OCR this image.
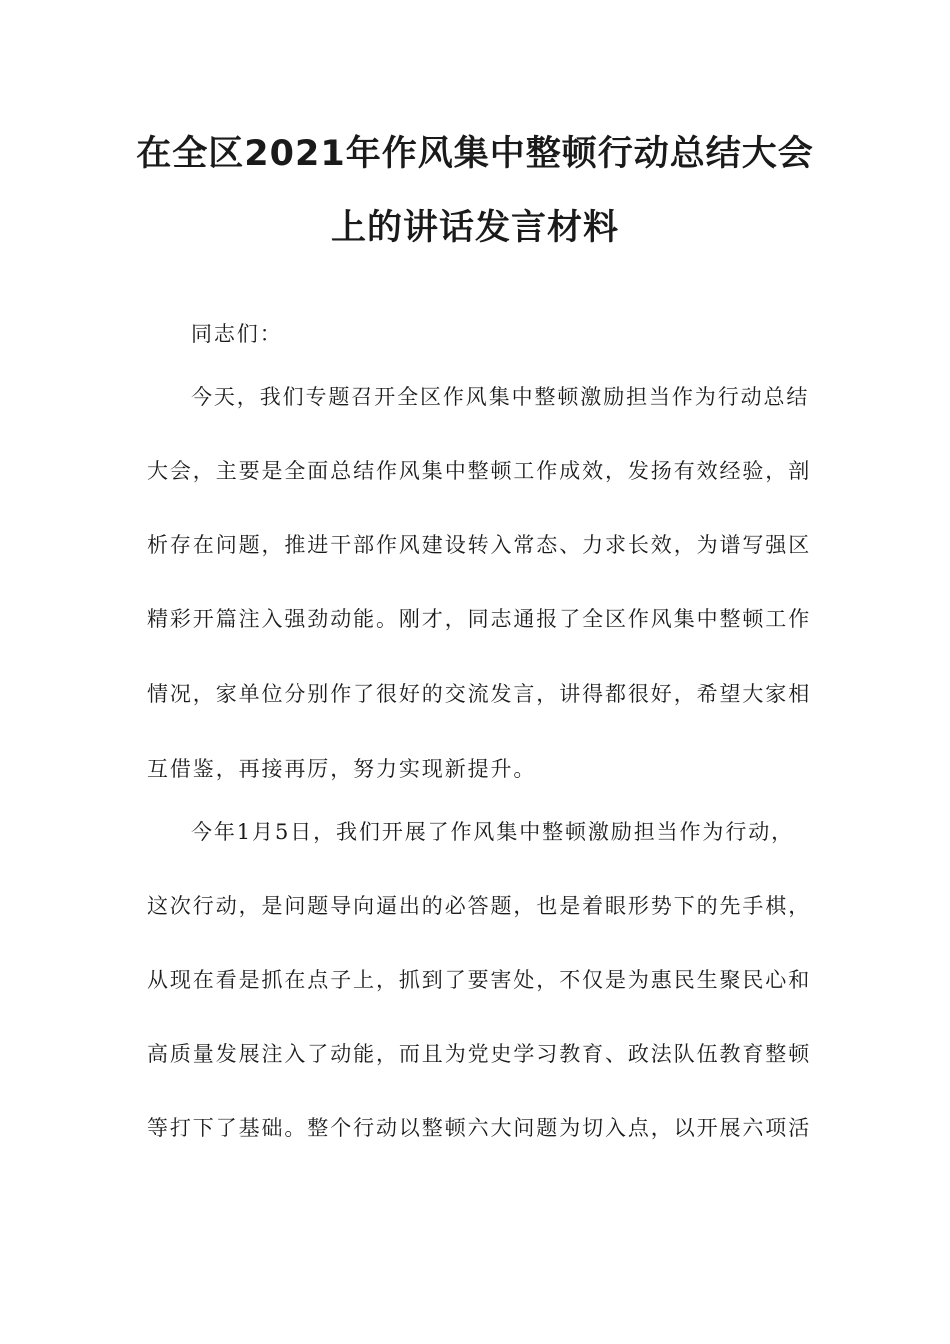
在全区2021年作风集中整顿行动总结大会
上的讲话发言材料

同志们：

今天，我们专题召开全区作风集中整顿激励担当作为行动总结

大会，主要是全面总结作风集中整顿工作成效，发扬有效经验，剖

析存在问题，推进干部作风建设转入常态、力求长效，为谱写强区

精彩开篇注入强劲动能。刚才，同志通报了全区作风集中整顿工作

情况，家单位分别作了很好的交流发言，讲得都很好，希望大家相

互借鉴，再接再厉，努力实现新提升。

今年1月5日，我们开展了作风集中整顿激励担当作为行动，

这次行动，是问题导向逼出的必答题，也是着眼形势下的先手棋，

从现在看是抓在点子上，抓到了要害处，不仅是为惠民生聚民心和

高质量发展注入了动能，而且为党史学习教育、政法队伍教育整顿

等打下了基础。整个行动以整顿六大问题为切入点，以开展六项活
